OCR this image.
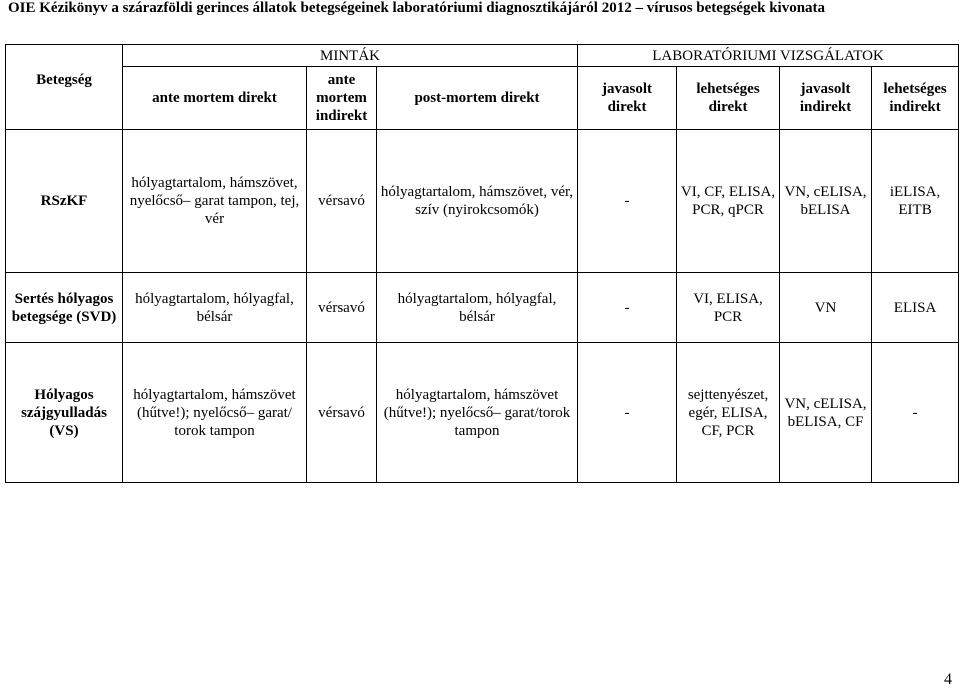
OIE Kézikönyv a szárazföldi gerinces állatok betegségeinek laboratóriumi diagnosztikájáról 2012 – vírusos betegségek kivonata
Betegség	MINTÁK			LABORATÓRIUMI VIZSGÁLATOK			
	ante mortem direkt	ante mortem indirekt	post-mortem direkt	javasolt direkt	lehetséges direkt	javasolt indirekt	lehetséges indirekt
RSzKF	hólyagtartalom, hámszövet, nyelőcső– garat tampon, tej, vér	vérsavó	hólyagtartalom, hámszövet, vér, szív (nyirokcsomók)	-	VI, CF, ELISA, PCR, qPCR	VN, cELISA, bELISA	iELISA, EITB
Sertés hólyagos betegsége (SVD)	hólyagtartalom, hólyagfal, bélsár	vérsavó	hólyagtartalom, hólyagfal, bélsár	-	VI, ELISA, PCR	VN	ELISA
Hólyagos szájgyulladás (VS)	hólyagtartalom, hámszövet (hűtve!); nyelőcső– garat/ torok tampon	vérsavó	hólyagtartalom, hámszövet (hűtve!); nyelőcső– garat/torok tampon	-	sejttenyészet, egér, ELISA, CF, PCR	VN, cELISA, bELISA, CF	-
4
